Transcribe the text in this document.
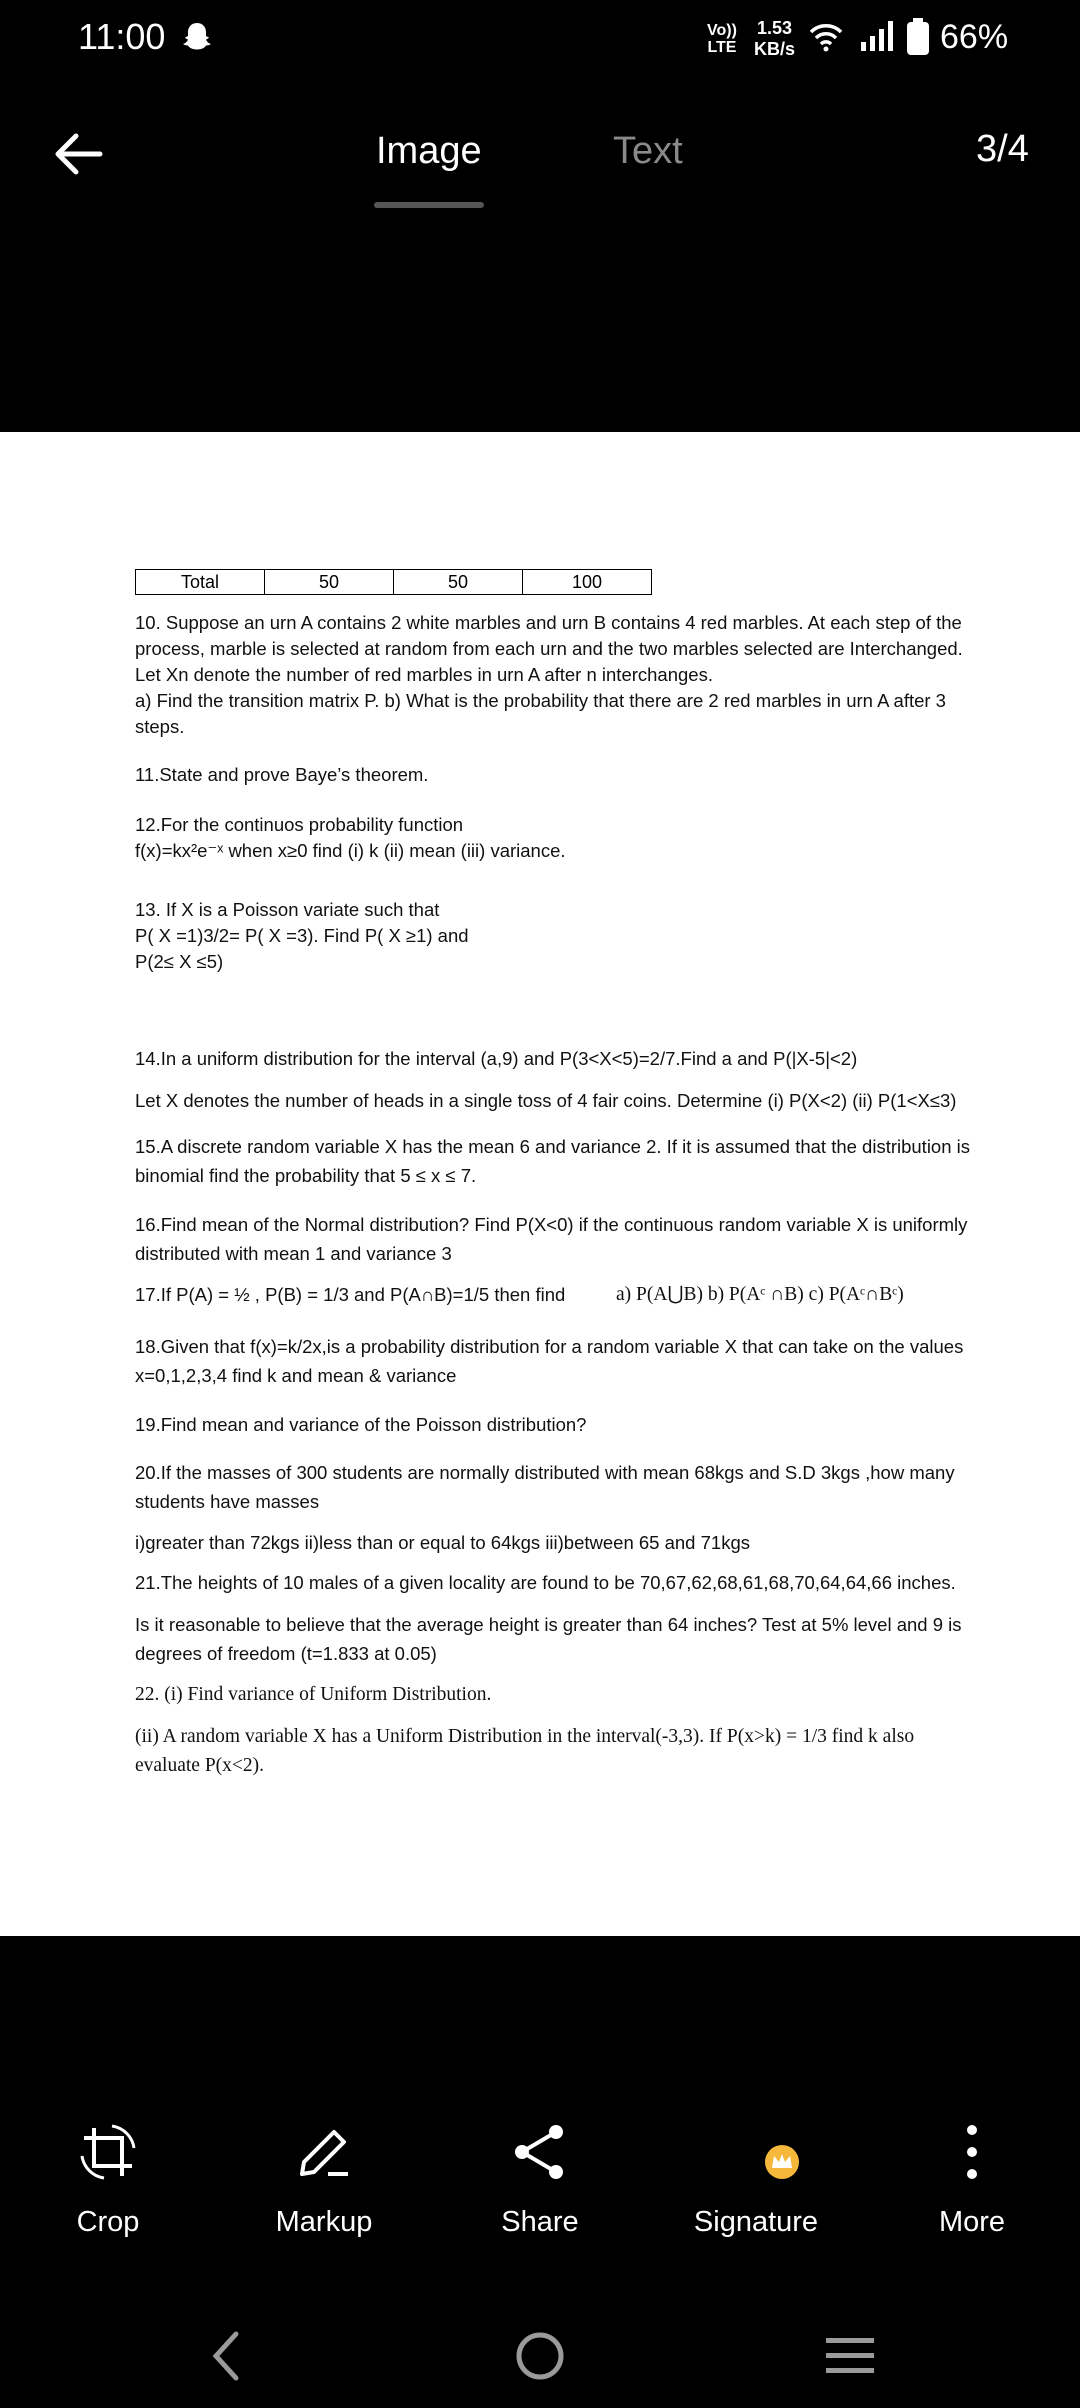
11:00	Vo))
LTE
1.53
KB/s	66%
Image	Text	3/4
Total	50	50	100

10. Suppose an urn A contains 2 white marbles and urn B contains 4 red marbles. At each step of the
process, marble is selected at random from each urn and the two marbles selected are Interchanged.
Let Xn denote the number of red marbles in urn A after n interchanges.
a) Find the transition matrix P. b) What is the probability that there are 2 red marbles in urn A after 3
steps.

11.State and prove Baye’s theorem.

12.For the continuos probability function
f(x)=kx²e⁻ˣ when x≥0 find (i) k (ii) mean (iii) variance.

13. If X is a Poisson variate such that
P( X =1)3/2= P( X =3). Find P( X ≥1) and
P(2≤ X ≤5)

14.In a uniform distribution for the interval (a,9) and P(3<X<5)=2/7.Find a and P(|X-5|<2)

Let X denotes the number of heads in a single toss of 4 fair coins. Determine (i) P(X<2) (ii) P(1<X≤3)

15.A discrete random variable X has the mean 6 and variance 2. If it is assumed that the distribution is
binomial find the probability that 5 ≤ x ≤ 7.

16.Find mean of the Normal distribution? Find P(X<0) if the continuous random variable X is uniformly
distributed with mean 1 and variance 3

17.If P(A) = ½ , P(B) = 1/3 and P(A∩B)=1/5 then find	a) P(A⋃B) b) P(Aᶜ ∩B) c) P(Aᶜ∩Bᶜ)

18.Given that f(x)=k/2x,is a probability distribution for a random variable X that can take on the values
x=0,1,2,3,4 find k and mean & variance

19.Find mean and variance of the Poisson distribution?

20.If the masses of 300 students are normally distributed with mean 68kgs and S.D 3kgs ,how many
students have masses

i)greater than 72kgs ii)less than or equal to 64kgs iii)between 65 and 71kgs

21.The heights of 10 males of a given locality are found to be 70,67,62,68,61,68,70,64,64,66 inches.

Is it reasonable to believe that the average height is greater than 64 inches? Test at 5% level and 9 is
degrees of freedom (t=1.833 at 0.05)

22. (i) Find variance of Uniform Distribution.

(ii) A random variable X has a Uniform Distribution in the interval(-3,3). If P(x>k) = 1/3 find k also
evaluate P(x<2).

Crop	Markup	Share	Signature	More
